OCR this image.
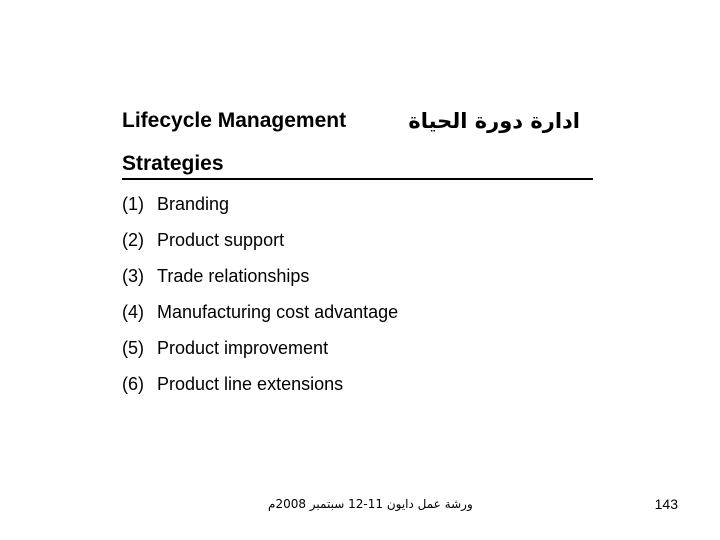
Lifecycle Management	ادارة دورة الحياة
Strategies
(1) Branding
(2) Product support
(3) Trade relationships
(4) Manufacturing cost advantage
(5) Product improvement
(6) Product line extensions
ورشة عمل دايون 11-12 سبتمبر 2008م	143
